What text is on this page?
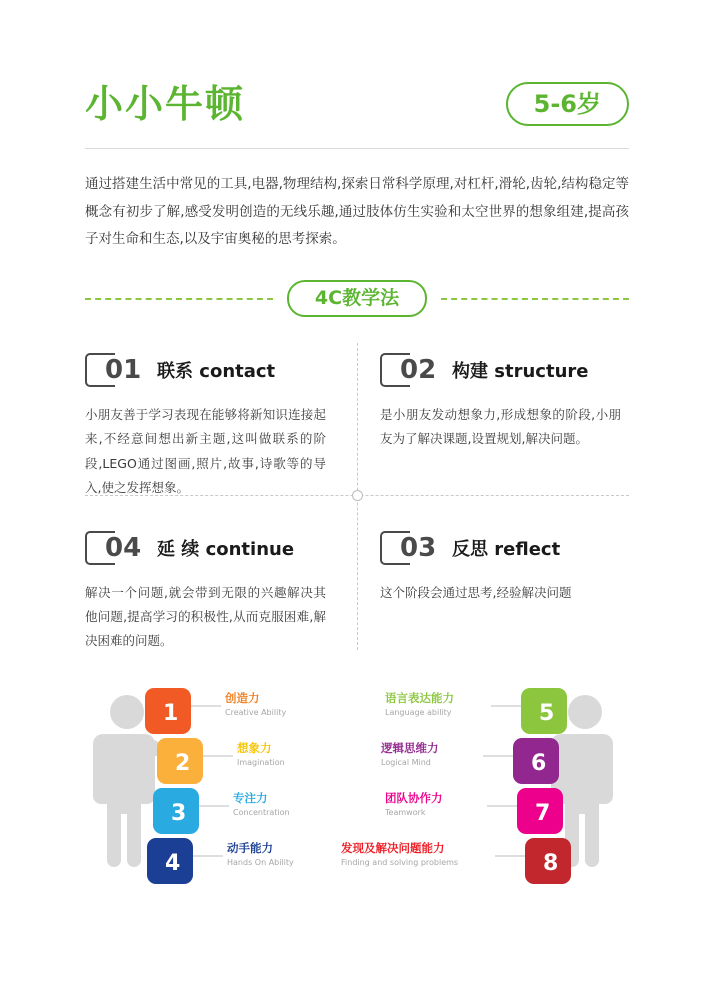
小小牛顿	5-6岁
通过搭建生活中常见的工具,电器,物理结构,探索日常科学原理,对杠杆,滑轮,齿轮,结构稳定等概念有初步了解,感受发明创造的无线乐趣,通过肢体仿生实验和太空世界的想象组建,提高孩子对生命和生态,以及宇宙奥秘的思考探索。
4C教学法
01 联系 contact
小朋友善于学习表现在能够将新知识连接起来,不经意间想出新主题,这叫做联系的阶段,LEGO通过图画,照片,故事,诗歌等的导入,使之发挥想象。
02 构建 structure
是小朋友发动想象力,形成想象的阶段,小朋友为了解决课题,设置规划,解决问题。
04 延 续 continue
解决一个问题,就会带到无限的兴趣解决其他问题,提高学习的积极性,从而克服困难,解决困难的问题。
03 反思 reflect
这个阶段会通过思考,经验解决问题
1
2
3
4
创造力
Creative Ability
想象力
Imagination
专注力
Concentration
动手能力
Hands On Ability
5
6
7
8
语言表达能力
Language ability
逻辑思维力
Logical Mind
团队协作力
Teamwork
发现及解决问题能力
Finding and solving problems
